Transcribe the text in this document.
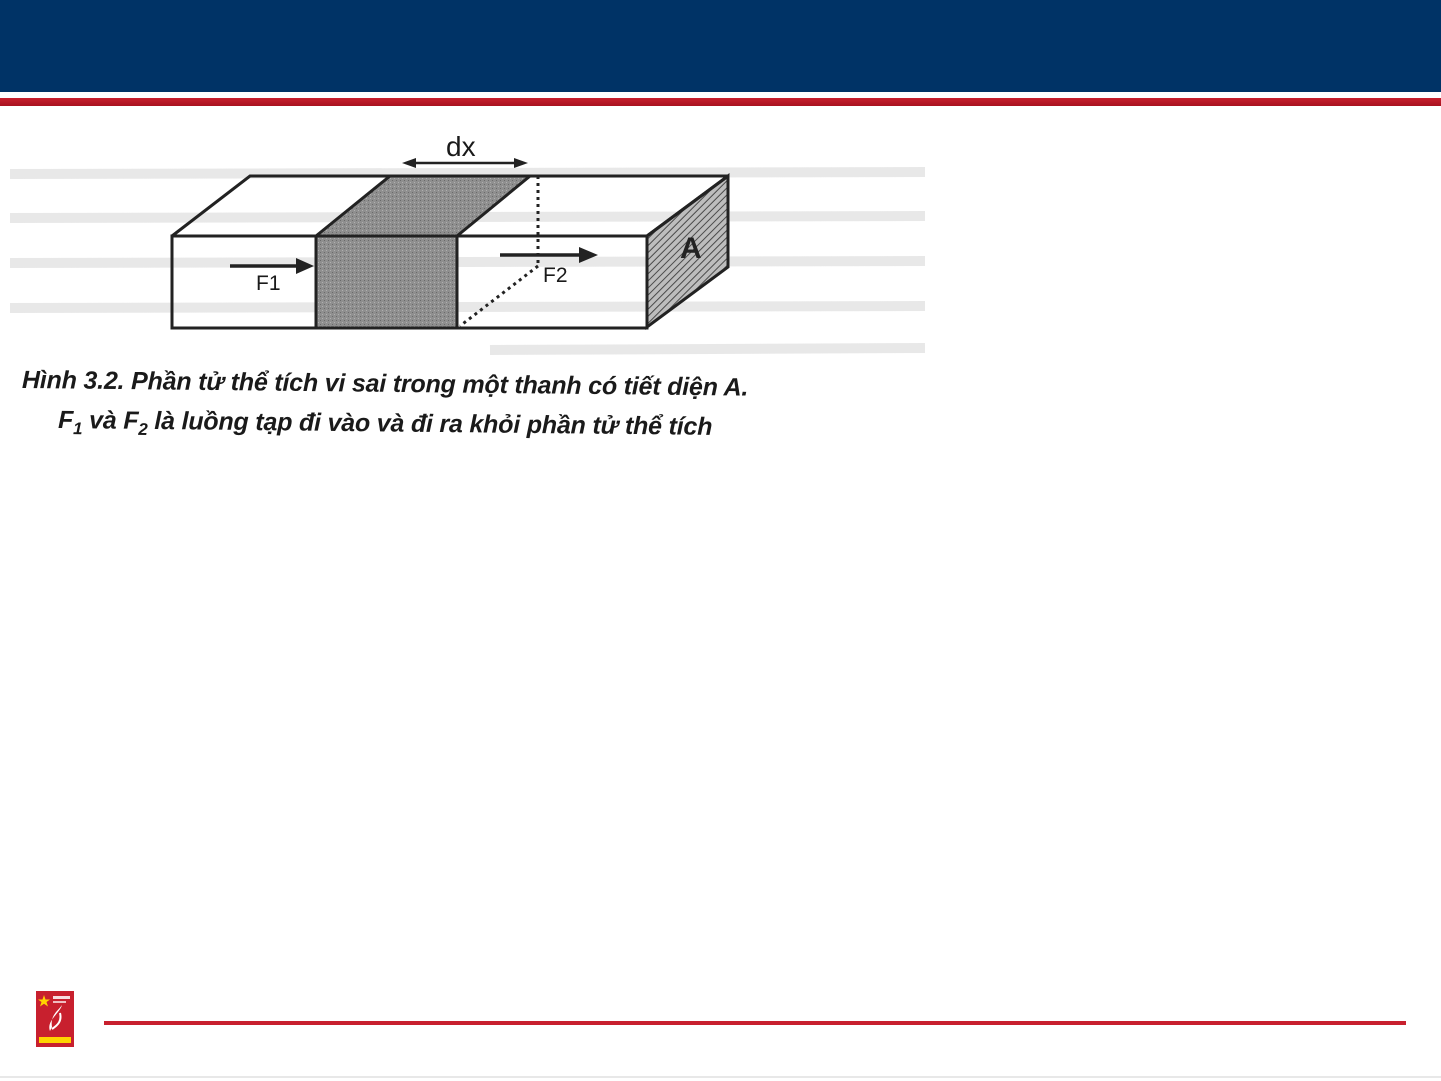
dx
F1	F2
A
Hình 3.2. Phần tử thể tích vi sai trong một thanh có tiết diện A.
$F_1$ và $F_2$ là luồng tạp đi vào và đi ra khỏi phần tử thể tích
